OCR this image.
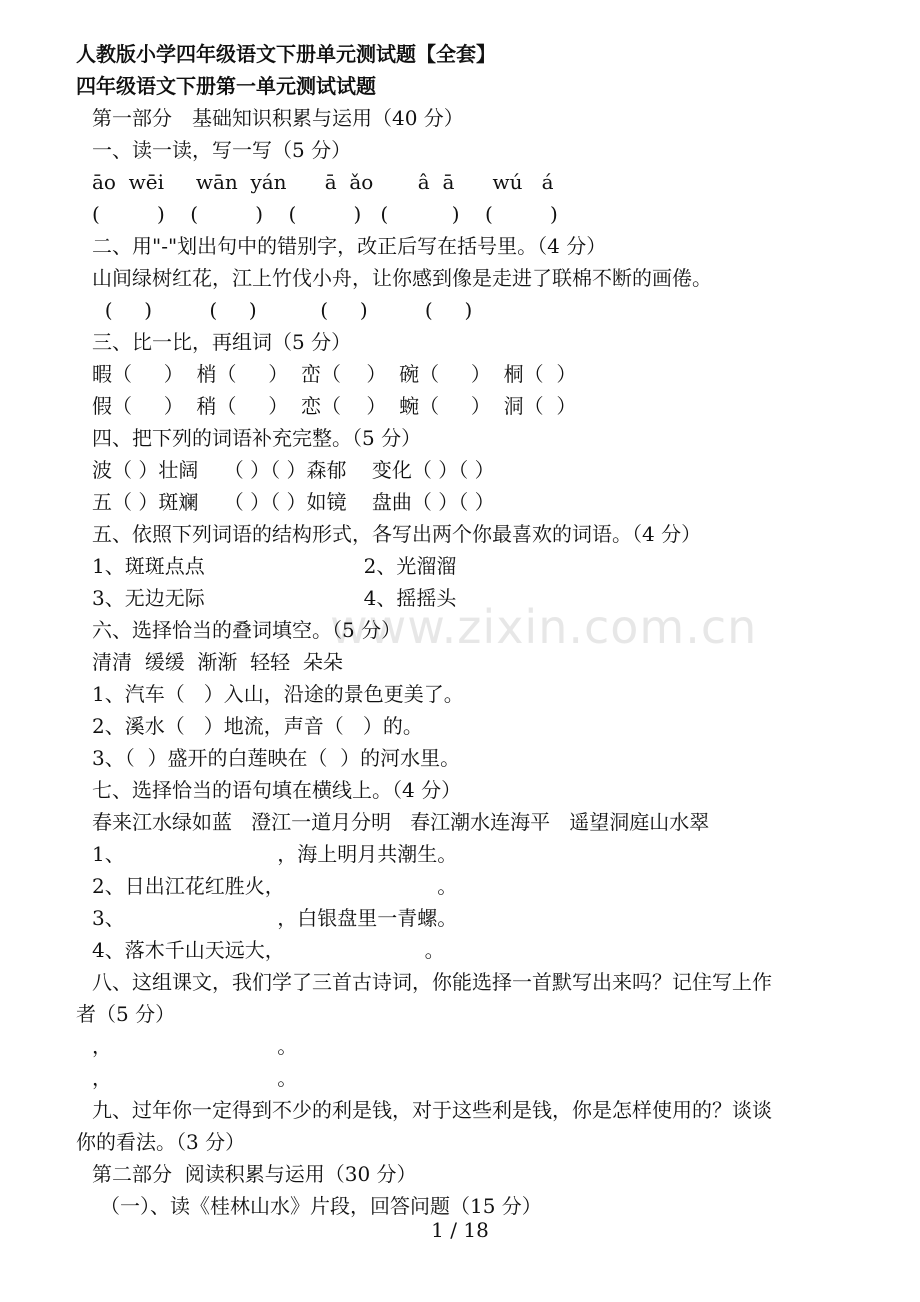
www.zixin.com.cn
人教版小学四年级语文下册单元测试题【全套】
四年级语文下册第一单元测试试题
第一部分　基础知识积累与运用（40 分）
一、读一读，写一写（5 分）
āo  wēi     wān  yán      ā  ǎo       â  ā      wú   á
(         )    (         )    (         )   (          )    (         )
二、用"-"划出句中的错别字，改正后写在括号里。（4 分）
山间绿树红花，江上竹伐小舟，让你感到像是走进了联棉不断的画倦。
(     )         (     )          (     )         (     )
三、比一比，再组词（5 分）
暇（     ）  梢（     ）  峦（    ）  碗（     ）  桐（  ）
假（     ）  稍（     ）  恋（    ）  蜿（     ）  洞（  ）
四、把下列的词语补充完整。（5 分）
波（ ）壮阔    （ ）（ ）森郁    变化（ ）（ ）
五（ ）斑斓    （ ）（ ）如镜    盘曲（ ）（ ）
五、依照下列词语的结构形式，各写出两个你最喜欢的词语。（4 分）
1、斑斑点点                         2、光溜溜
3、无边无际                         4、摇摇头
六、选择恰当的叠词填空。（5 分）
清清  缓缓  渐渐  轻轻  朵朵
1、汽车（   ）入山，沿途的景色更美了。
2、溪水（   ）地流，声音（   ）的。
3、（  ）盛开的白莲映在（  ）的河水里。
七、选择恰当的语句填在横线上。（4 分）
春来江水绿如蓝   澄江一道月分明   春江潮水连海平   遥望洞庭山水翠
1、                        ，海上明月共潮生。
2、日出江花红胜火，                        。
3、                        ，白银盘里一青螺。
4、落木千山天远大，                      。
八、这组课文，我们学了三首古诗词，你能选择一首默写出来吗？记住写上作
者（5 分）
，                          。
，                          。
九、过年你一定得到不少的利是钱，对于这些利是钱，你是怎样使用的？谈谈
你的看法。（3 分）
第二部分  阅读积累与运用（30 分）
（一）、读《桂林山水》片段，回答问题（15 分）
1 / 18
